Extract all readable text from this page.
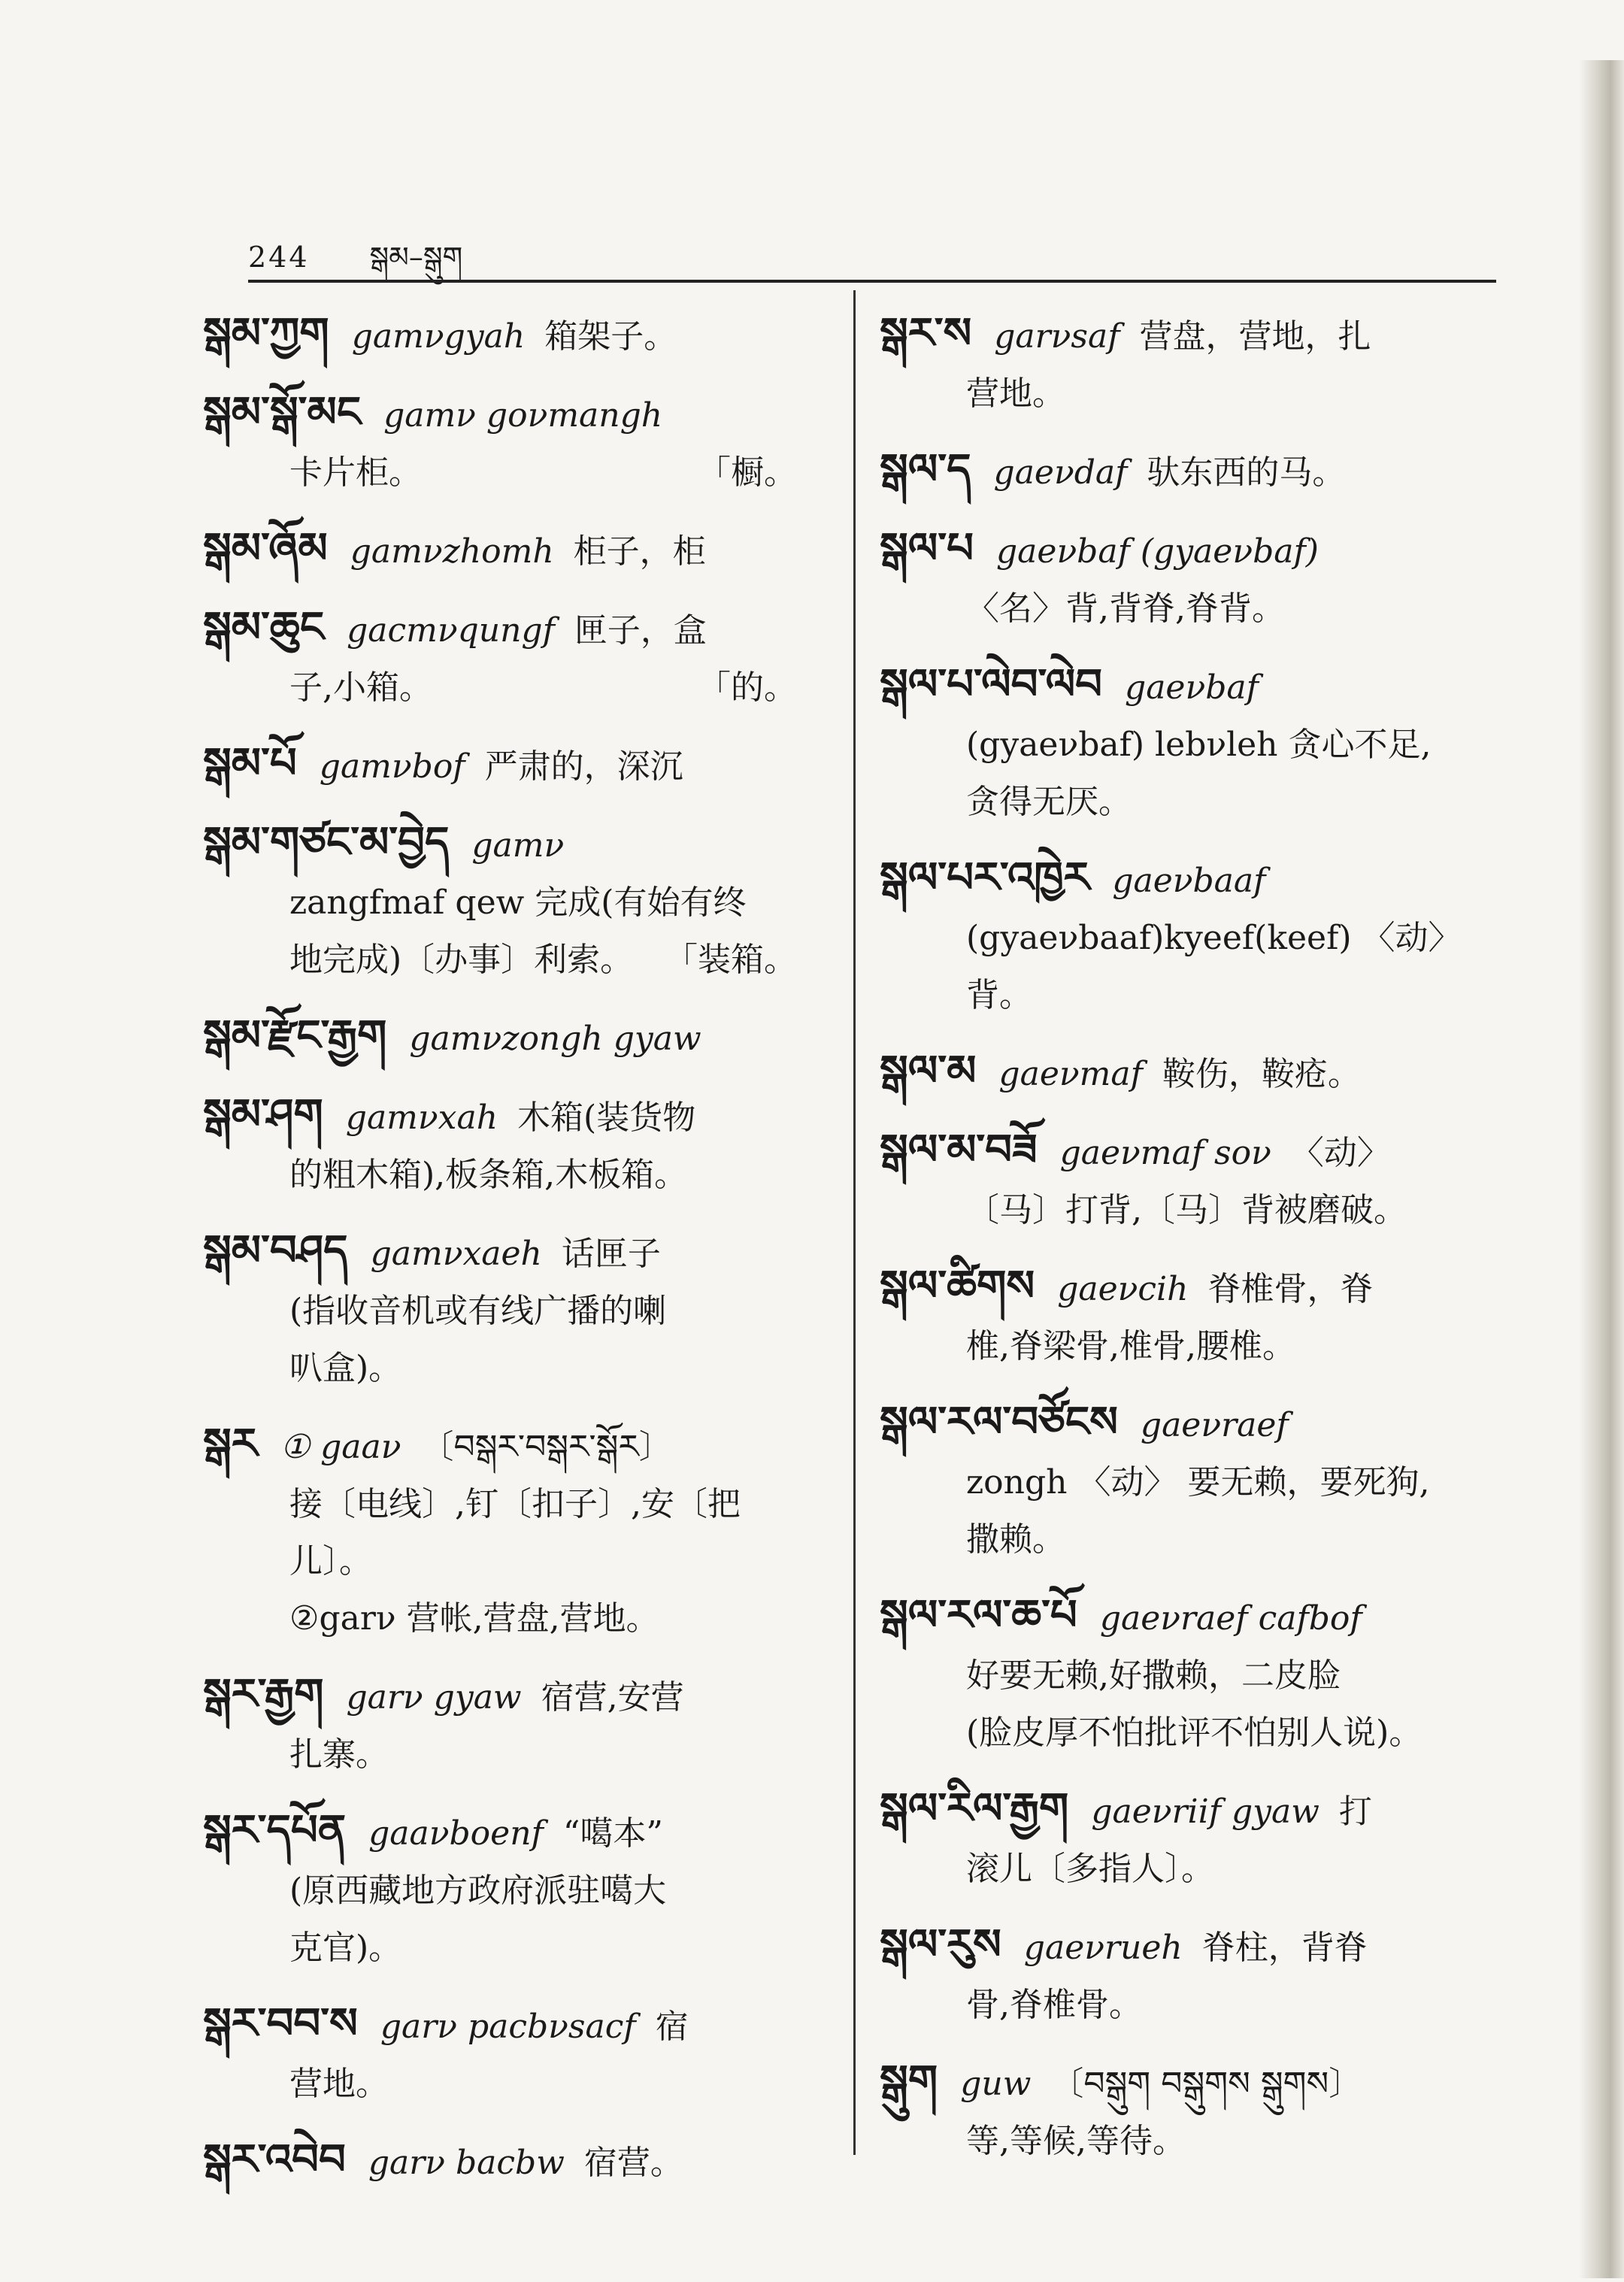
244 སྒམ–སྒུག
སྒམ་ཀྱག gamνgyah 箱架子。
སྒམ་སྒོ་མང gamν goνmangh
卡片柜。	「橱。
སྒམ་ཞོམ gamνzhomh 柜子，柜
སྒམ་ཆུང gacmνqungf 匣子，盒
子,小箱。	「的。
སྒམ་པོ gamνbof 严肃的，深沉
སྒམ་གཙང་མ་བྱེད gamν
zangfmaf qew 完成(有始有终
地完成)〔办事〕利索。 「装箱。
སྒམ་རྫོང་རྒྱག gamνzongh gyaw
སྒམ་ཤག gamνxah 木箱(装货物
的粗木箱),板条箱,木板箱。
སྒམ་བཤད gamνxaeh 话匣子
(指收音机或有线广播的喇
叭盒)。
སྒར ① gaaν 〔བསྒར་བསྒར་སྒོར〕
接〔电线〕,钉〔扣子〕,安〔把儿〕。
②garν 营帐,营盘,营地。
སྒར་རྒྱག garν gyaw 宿营,安营
扎寨。
སྒར་དཔོན gaaνboenf “噶本”
(原西藏地方政府派驻噶大
克官)。
སྒར་བབ་ས garν pacbνsacf 宿
营地。
སྒར་འབེབ garν bacbw 宿营。
སྒར་ས garνsaf 营盘，营地，扎
营地。
སྒལ་ད gaeνdaf 驮东西的马。
སྒལ་པ gaeνbaf (gyaeνbaf)
〈名〉背,背脊,脊背。
སྒལ་པ་ལེབ་ལེབ gaeνbaf
(gyaeνbaf) lebνleh 贪心不足,
贪得无厌。
སྒལ་པར་འཁྱེར gaeνbaaf
(gyaeνbaaf)kyeef(keef) 〈动〉
背。
སྒལ་མ gaeνmaf 鞍伤，鞍疮。
སྒལ་མ་བཟོ gaeνmaf soν 〈动〉
〔马〕打背,〔马〕背被磨破。
སྒལ་ཚིགས gaeνcih 脊椎骨，脊
椎,脊梁骨,椎骨,腰椎。
སྒལ་རལ་བཙོངས gaeνraef
zongh 〈动〉 要无赖，要死狗,
撒赖。
སྒལ་རལ་ཆ་པོ gaeνraef cafbof
好要无赖,好撒赖，二皮脸
(脸皮厚不怕批评不怕别人说)。
སྒལ་རིལ་རྒྱག gaeνriif gyaw 打
滚儿〔多指人〕。
སྒལ་རུས gaeνrueh 脊柱，背脊
骨,脊椎骨。
སྒུག guw 〔བསྒུག བསྒུགས སྒུགས〕
等,等候,等待。
